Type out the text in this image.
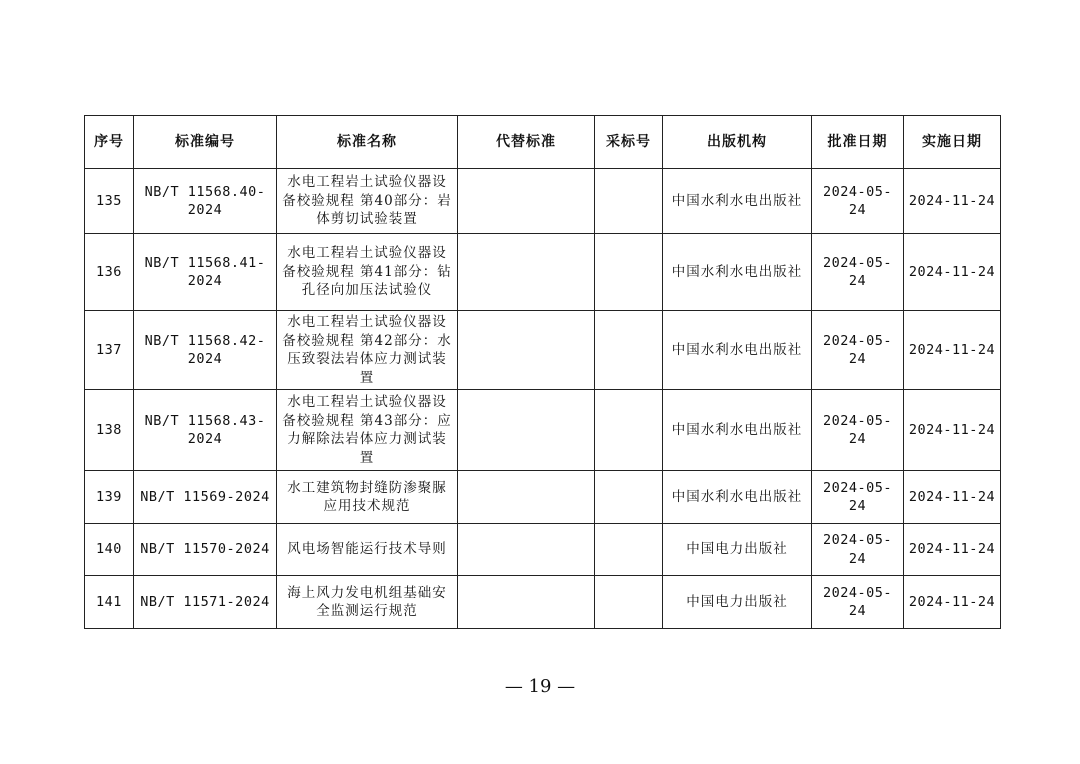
序号	标准编号	标准名称	代替标准	采标号	出版机构	批准日期	实施日期
135	NB/T 11568.40-2024	水电工程岩土试验仪器设备校验规程 第40部分：岩体剪切试验装置			中国水利水电出版社	2024-05-24	2024-11-24
136	NB/T 11568.41-2024	水电工程岩土试验仪器设备校验规程 第41部分：钻孔径向加压法试验仪			中国水利水电出版社	2024-05-24	2024-11-24
137	NB/T 11568.42-2024	水电工程岩土试验仪器设备校验规程 第42部分：水压致裂法岩体应力测试装置			中国水利水电出版社	2024-05-24	2024-11-24
138	NB/T 11568.43-2024	水电工程岩土试验仪器设备校验规程 第43部分：应力解除法岩体应力测试装置			中国水利水电出版社	2024-05-24	2024-11-24
139	NB/T 11569-2024	水工建筑物封缝防渗聚脲应用技术规范			中国水利水电出版社	2024-05-24	2024-11-24
140	NB/T 11570-2024	风电场智能运行技术导则			中国电力出版社	2024-05-24	2024-11-24
141	NB/T 11571-2024	海上风力发电机组基础安全监测运行规范			中国电力出版社	2024-05-24	2024-11-24
— 19 —
